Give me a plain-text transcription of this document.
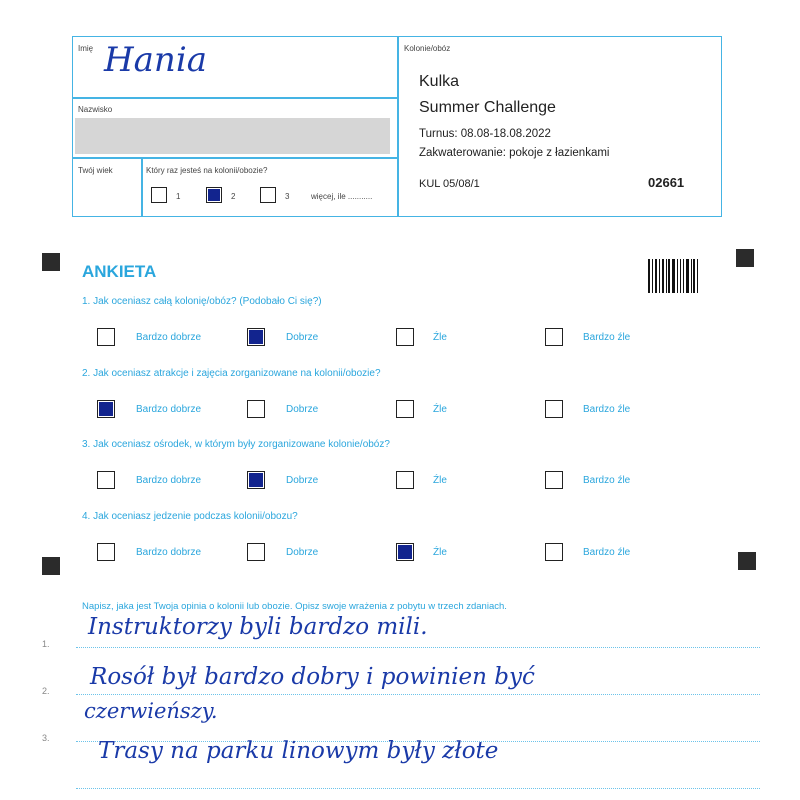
Imię Hania
Nazwisko
Twój wiek	Który raz jesteś na kolonii/obozie?
1	2	3	więcej, ile ...........
Kolonie/obóz
Kulka
Summer Challenge
Turnus: 08.08-18.08.2022
Zakwaterowanie: pokoje z łazienkami
KUL 05/08/1	02661
ANKIETA
1. Jak oceniasz całą kolonię/obóz? (Podobało Ci się?)
Bardzo dobrze	Dobrze	Źle	Bardzo źle
2. Jak oceniasz atrakcje i zajęcia zorganizowane na kolonii/obozie?
Bardzo dobrze	Dobrze	Źle	Bardzo źle
3. Jak oceniasz ośrodek, w którym były zorganizowane kolonie/obóz?
Bardzo dobrze	Dobrze	Źle	Bardzo źle
4. Jak oceniasz jedzenie podczas kolonii/obozu?
Bardzo dobrze	Dobrze	Źle	Bardzo źle
Napisz, jaka jest Twoja opinia o kolonii lub obozie. Opisz swoje wrażenia z pobytu w trzech zdaniach.
1.
2.
3.
Instruktorzy byli bardzo mili.
Rosół był bardzo dobry i powinien być
czerwieńszy.
Trasy na parku linowym były złote
